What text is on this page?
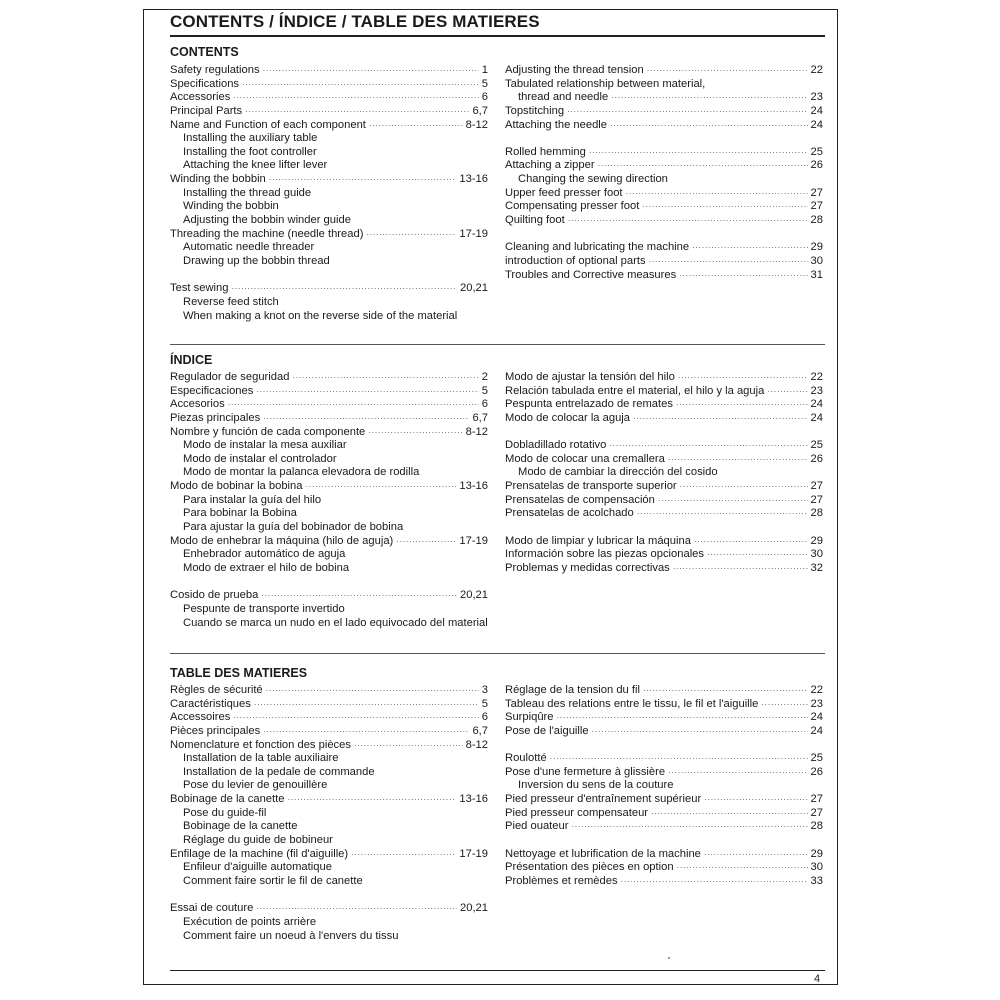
CONTENTS / ÍNDICE / TABLE DES MATIERES
CONTENTS
Safety regulations ·····	1
Specifications ·····	5
Accessories ·····	6
Principal Parts ·····	6,7
Name and Function of each component ·····	8-12
Installing the auxiliary table
Installing the foot controller
Attaching the knee lifter lever
Winding the bobbin ·····	13-16
Installing the thread guide
Winding the bobbin
Adjusting the bobbin winder guide
Threading the machine (needle thread) ·····	17-19
Automatic needle threader
Drawing up the bobbin thread
Test sewing ·····	20,21
Reverse feed stitch
When making a knot on the reverse side of the material
Adjusting the thread tension ·····	22
Tabulated relationship between material,
thread and needle ·····	23
Topstitching ·····	24
Attaching the needle ·····	24
Rolled hemming ·····	25
Attaching a zipper ·····	26
Changing the sewing direction
Upper feed presser foot ·····	27
Compensating presser foot ·····	27
Quilting foot ·····	28
Cleaning and lubricating the machine ·····	29
introduction of optional parts ·····	30
Troubles and Corrective measures ·····	31
ÍNDICE
Regulador de seguridad ·····	2
Especificaciones ·····	5
Accesorios ·····	6
Piezas principales ·····	6,7
Nombre y función de cada componente ·····	8-12
Modo de instalar la mesa auxiliar
Modo de instalar el controlador
Modo de montar la palanca elevadora de rodilla
Modo de bobinar la bobina ·····	13-16
Para instalar la guía del hilo
Para bobinar la Bobina
Para ajustar la guía del bobinador de bobina
Modo de enhebrar la máquina (hilo de aguja) ·····	17-19
Enhebrador automático de aguja
Modo de extraer el hilo de bobina
Cosido de prueba ·····	20,21
Pespunte de transporte invertido
Cuando se marca un nudo en el lado equivocado del material
Modo de ajustar la tensión del hilo ·····	22
Relación tabulada entre el material, el hilo y la aguja ·····	23
Pespunta entrelazado de remates ·····	24
Modo de colocar la aguja ·····	24
Dobladillado rotativo ·····	25
Modo de colocar una cremallera ·····	26
Modo de cambiar la dirección del cosido
Prensatelas de transporte superior ·····	27
Prensatelas de compensación ·····	27
Prensatelas de acolchado ·····	28
Modo de limpiar y lubricar la máquina ·····	29
Información sobre las piezas opcionales ·····	30
Problemas y medidas correctivas ·····	32
TABLE DES MATIERES
Règles de sécurité ·····	3
Caractéristiques ·····	5
Accessoires ·····	6
Pièces principales ·····	6,7
Nomenclature et fonction des pièces ·····	8-12
Installation de la table auxiliaire
Installation de la pedale de commande
Pose du levier de genouillère
Bobinage de la canette ·····	13-16
Pose du guide-fil
Bobinage de la canette
Réglage du guide de bobineur
Enfilage de la machine (fil d'aiguille) ·····	17-19
Enfileur d'aiguille automatique
Comment faire sortir le fil de canette
Essai de couture ·····	20,21
Exécution de points arrière
Comment faire un noeud à l'envers du tissu
Réglage de la tension du fil ·····	22
Tableau des relations entre le tissu, le fil et l'aiguille ·····	23
Surpiqûre ·····	24
Pose de l'aiguille ·····	24
Roulotté ·····	25
Pose d'une fermeture à glissière ·····	26
Inversion du sens de la couture
Pied presseur d'entraînement supérieur ·····	27
Pied presseur compensateur ·····	27
Pied ouateur ·····	28
Nettoyage et lubrification de la machine ·····	29
Présentation des pièces en option ·····	30
Problèmes et remèdes ·····	33
4
